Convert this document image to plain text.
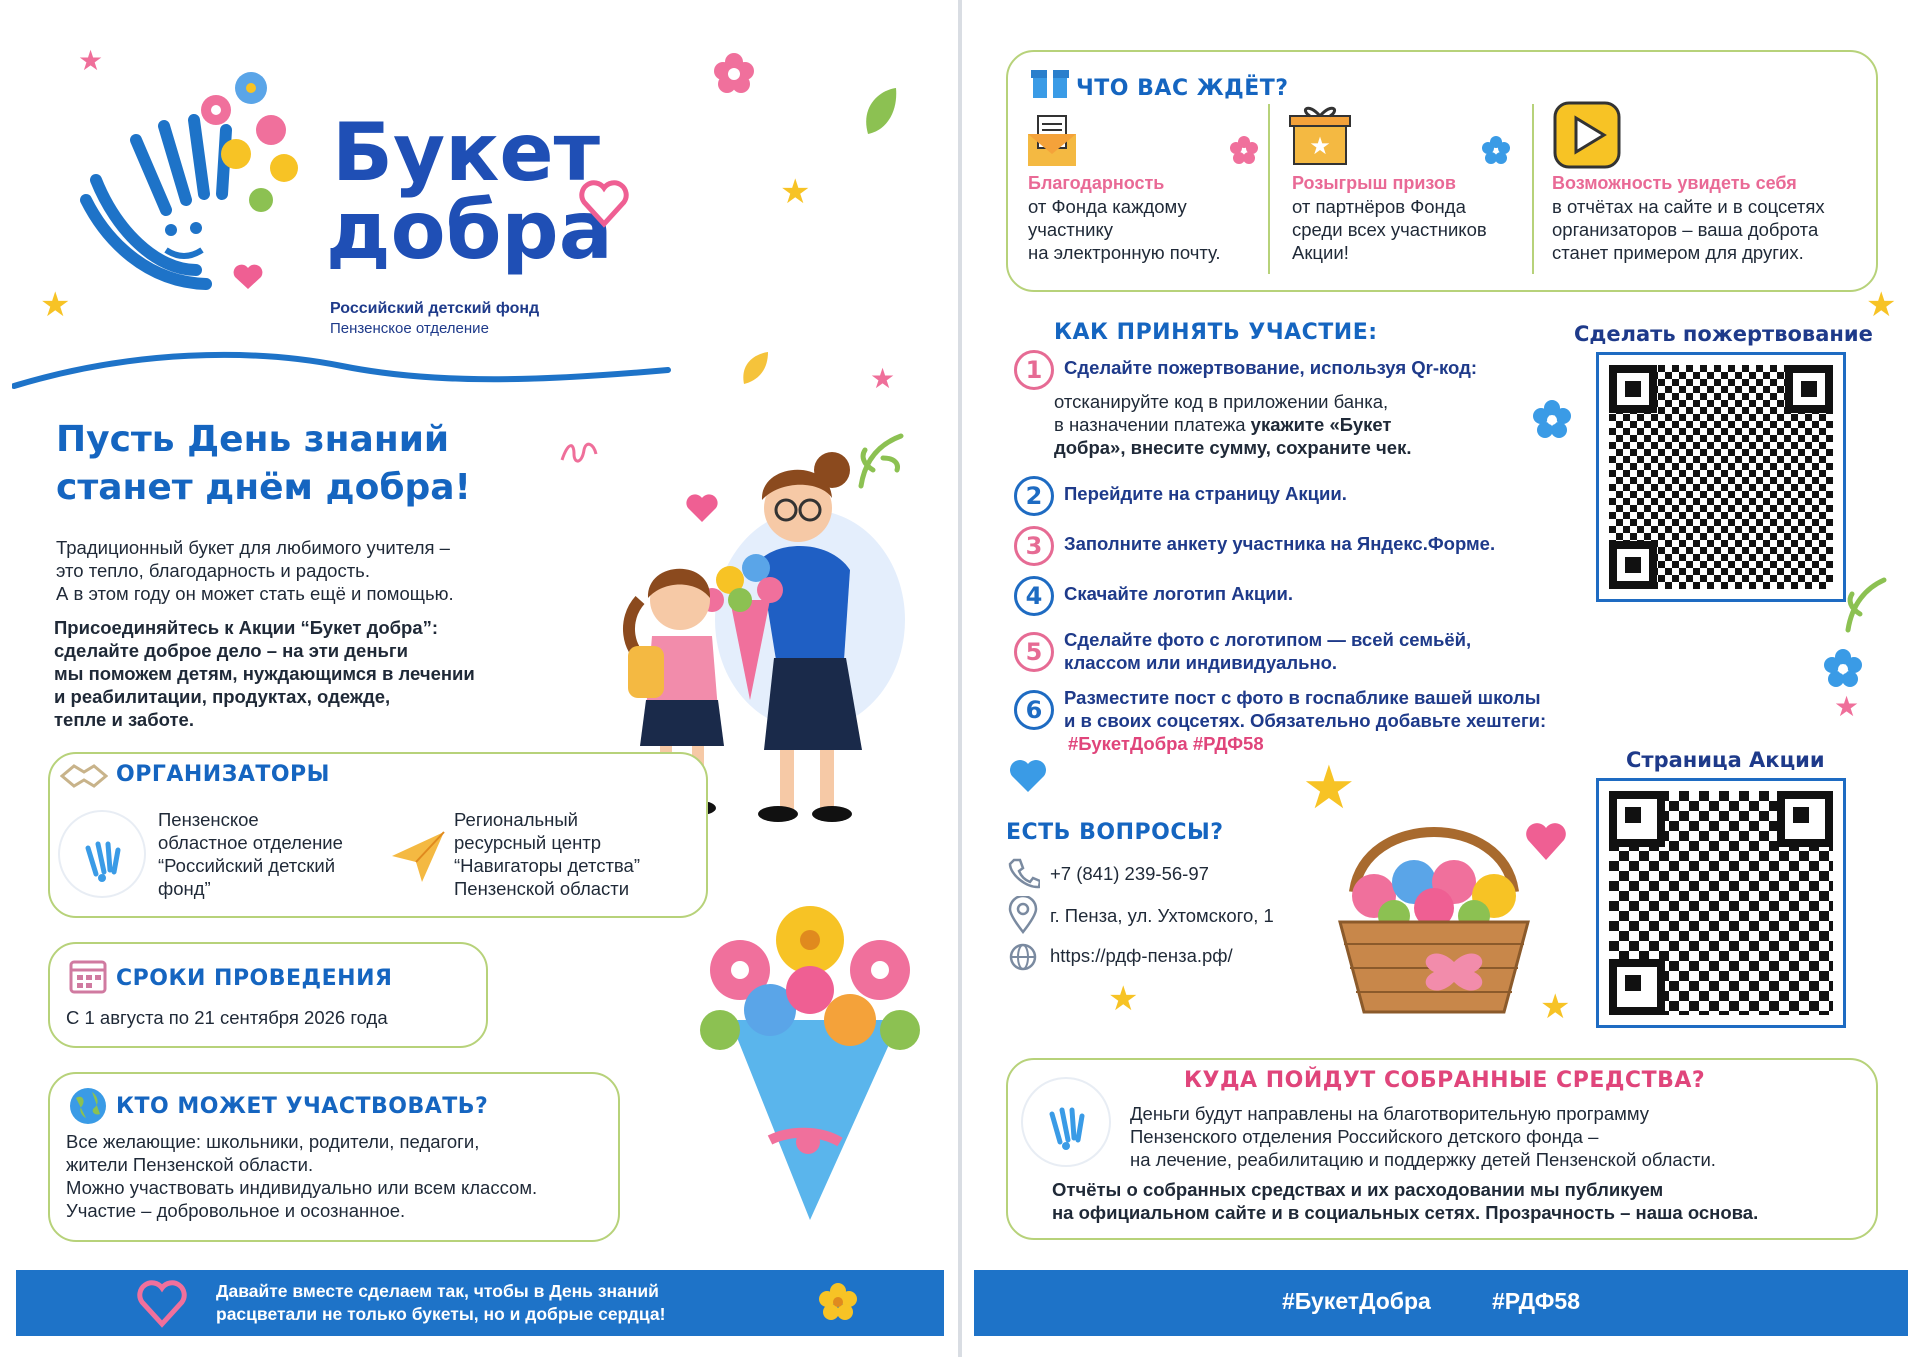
★
★
★
★
Букет
добра
Российский детский фонд
Пензенское отделение
Пусть День знаний
станет днём добра!
Традиционный букет для любимого учителя –
это тепло, благодарность и радость.
А в этом году он может стать ещё и помощью.
Присоединяйтесь к Акции “Букет добра”:
сделайте доброе дело – на эти деньги
мы поможем детям, нуждающимся в лечении
и реабилитации, продуктах, одежде,
тепле и заботе.
ОРГАНИЗАТОРЫ
Пензенское
областное отделение
“Российский детский
фонд”
Региональный
ресурсный центр
“Навигаторы детства”
Пензенской области
СРОКИ ПРОВЕДЕНИЯ
С 1 августа по 21 сентября 2026 года
КТО МОЖЕТ УЧАСТВОВАТЬ?
Все желающие: школьники, родители, педагоги,
жители Пензенской области.
Можно участвовать индивидуально или всем классом.
Участие – добровольное и осознанное.
Давайте вместе сделаем так, чтобы в День знаний
расцветали не только букеты, но и добрые сердца!
★
★
★
★	★
ЧТО ВАС ЖДЁТ?
Благодарность
от Фонда каждому
участнику
на электронную почту.
★
Розыгрыш призов
от партнёров Фонда
среди всех участников
Акции!
Возможность увидеть себя
в отчётах на сайте и в соцсетях
организаторов – ваша доброта
станет примером для других.
КАК ПРИНЯТЬ УЧАСТИЕ:
1	Сделайте пожертвование, используя Qr-код:
отсканируйте код в приложении банка,
в назначении платежа укажите «Букет
добра», внесите сумму, сохраните чек.
2	Перейдите на страницу Акции.
3	Заполните анкету участника на Яндекс.Форме.
4	Скачайте логотип Акции.
5	Сделайте фото с логотипом — всей семьёй,
классом или индивидуально.
6	Разместите пост с фото в госпаблике вашей школы
и в своих соцсетях. Обязательно добавьте хештеги:
#БукетДобра #РДФ58
Сделать пожертвование
Страница Акции
ЕСТЬ ВОПРОСЫ?
+7 (841) 239-56-97
г. Пенза, ул. Ухтомского, 1
https://рдф-пенза.рф/
КУДА ПОЙДУТ СОБРАННЫЕ СРЕДСТВА?
Деньги будут направлены на благотворительную программу
Пензенского отделения Российского детского фонда –
на лечение, реабилитацию и поддержку детей Пензенской области.
Отчёты о собранных средствах и их расходовании мы публикуем
на официальном сайте и в социальных сетях. Прозрачность – наша основа.
#БукетДобра	#РДФ58
